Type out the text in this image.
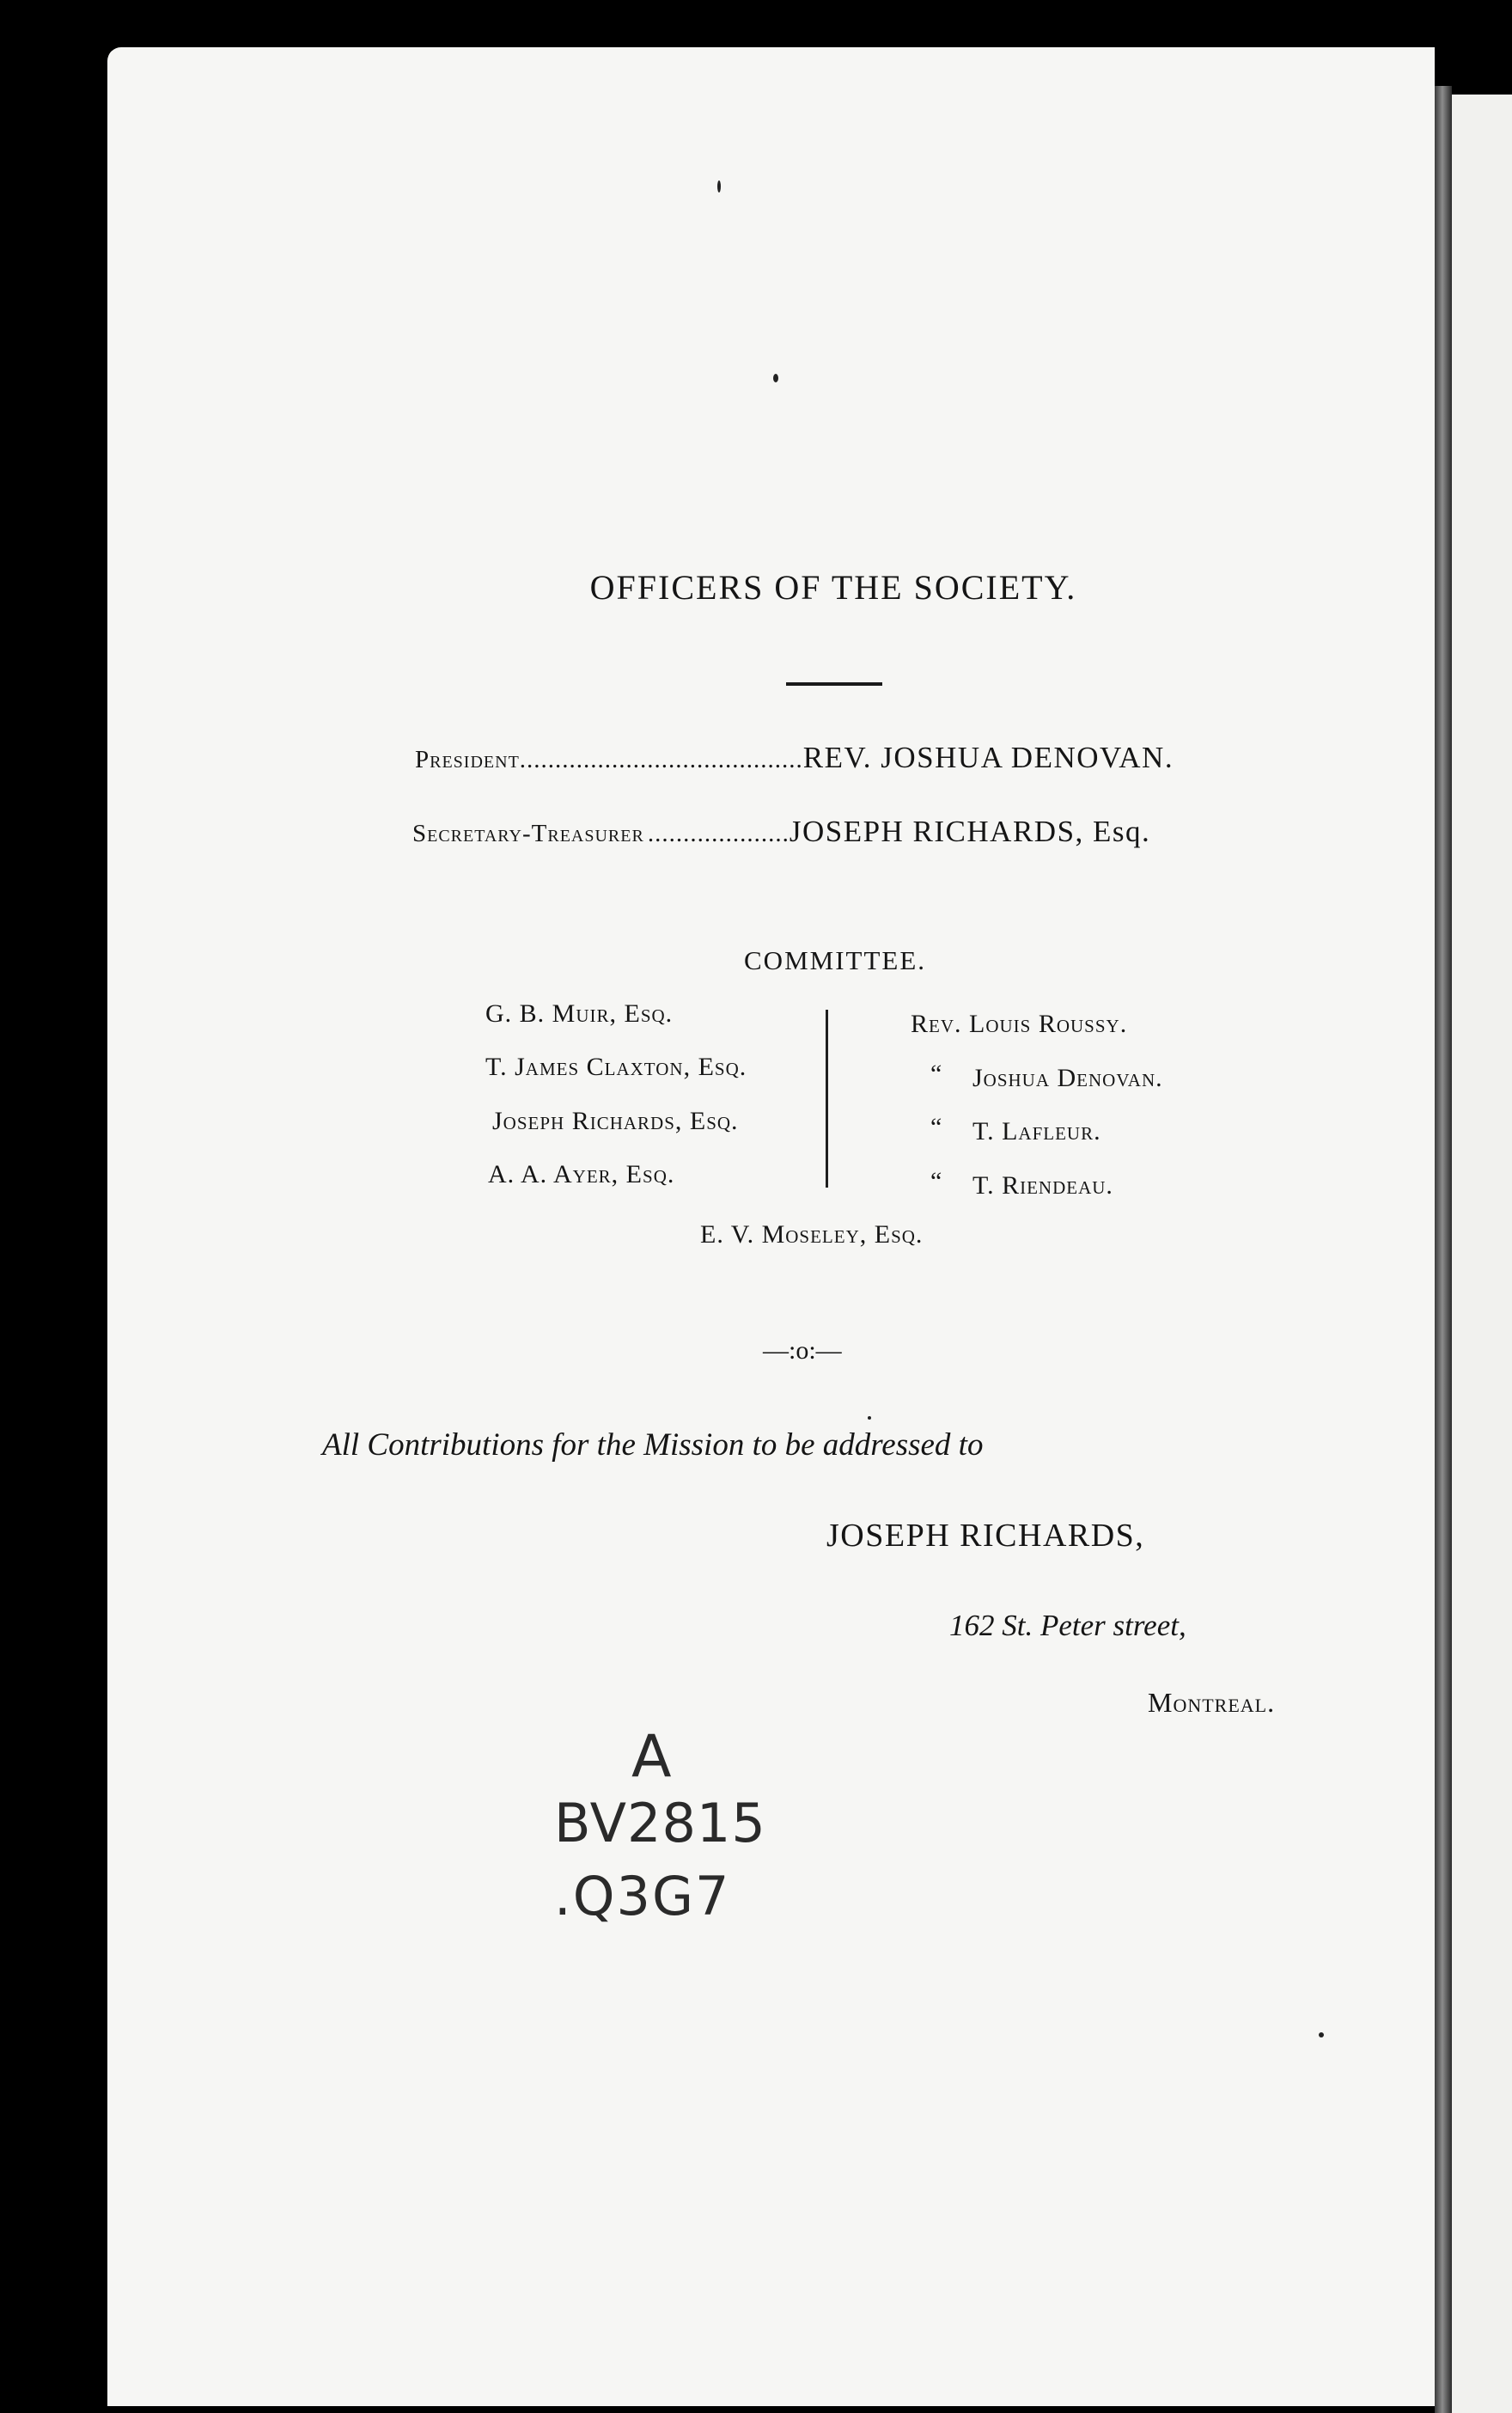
OFFICERS OF THE SOCIETY.
President........................................REV. JOSHUA DENOVAN.
Secretary-Treasurer ....................JOSEPH RICHARDS, Esq.
COMMITTEE.
G. B. Muir, Esq.
T. James Claxton, Esq.
Joseph Richards, Esq.
A. A. Ayer, Esq.
Rev. Louis Roussy.
“ Joshua Denovan.
“ T. Lafleur.
“ T. Riendeau.
E. V. Moseley, Esq.
—:o:—
All Contributions for the Mission to be addressed to
JOSEPH RICHARDS,
162 St. Peter street,
Montreal.
A
BV2815
.Q3G7
